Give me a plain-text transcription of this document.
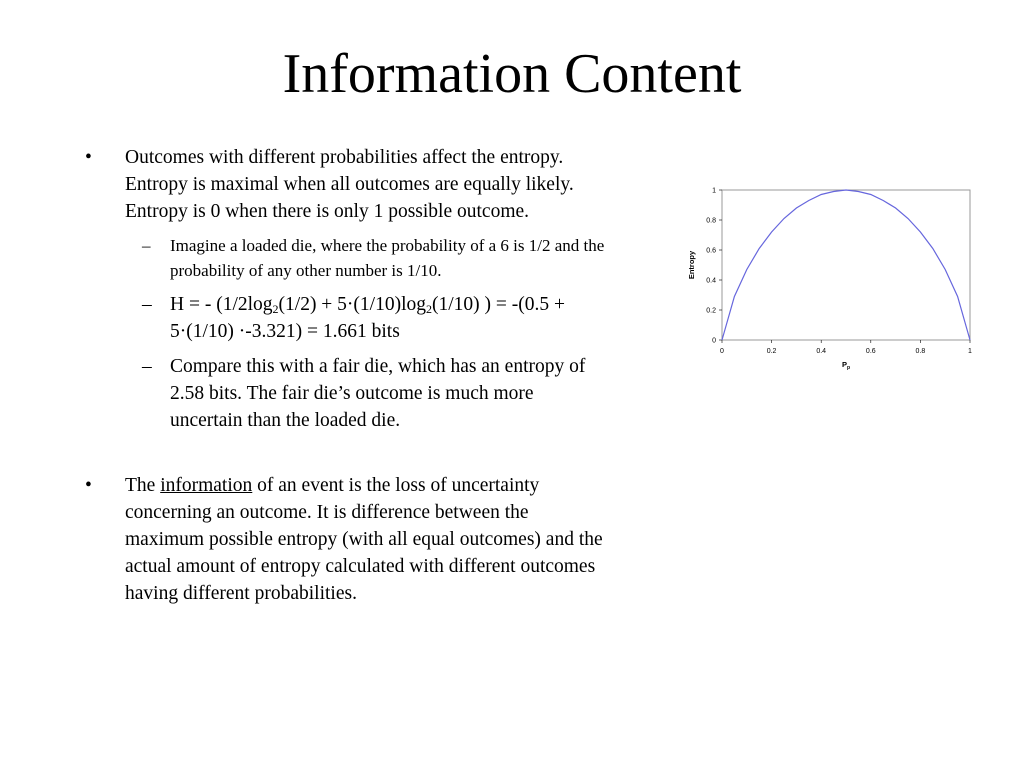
Information Content
• Outcomes with different probabilities affect the entropy. Entropy is maximal when all outcomes are equally likely. Entropy is 0 when there is only 1 possible outcome.
– Imagine a loaded die, where the probability of a 6 is 1/2 and the probability of any other number is 1/10.
– H = - ($1/2\log_2(1/2) + 5\cdot(1/10)\log_2(1/10)$ ) = -(0.5 + 5·(1/10) ·-3.321) = 1.661 bits
– Compare this with a fair die, which has an entropy of 2.58 bits. The fair die’s outcome is much more uncertain than the loaded die.
• The information of an event is the loss of uncertainty concerning an outcome. It is difference between the maximum possible entropy (with all equal outcomes) and the actual amount of entropy calculated with different outcomes having different probabilities.
0	0.2	0.4	0.6	0.8	1
0
0.2
0.4
0.6
0.8
1
$P_p$
Entropy
